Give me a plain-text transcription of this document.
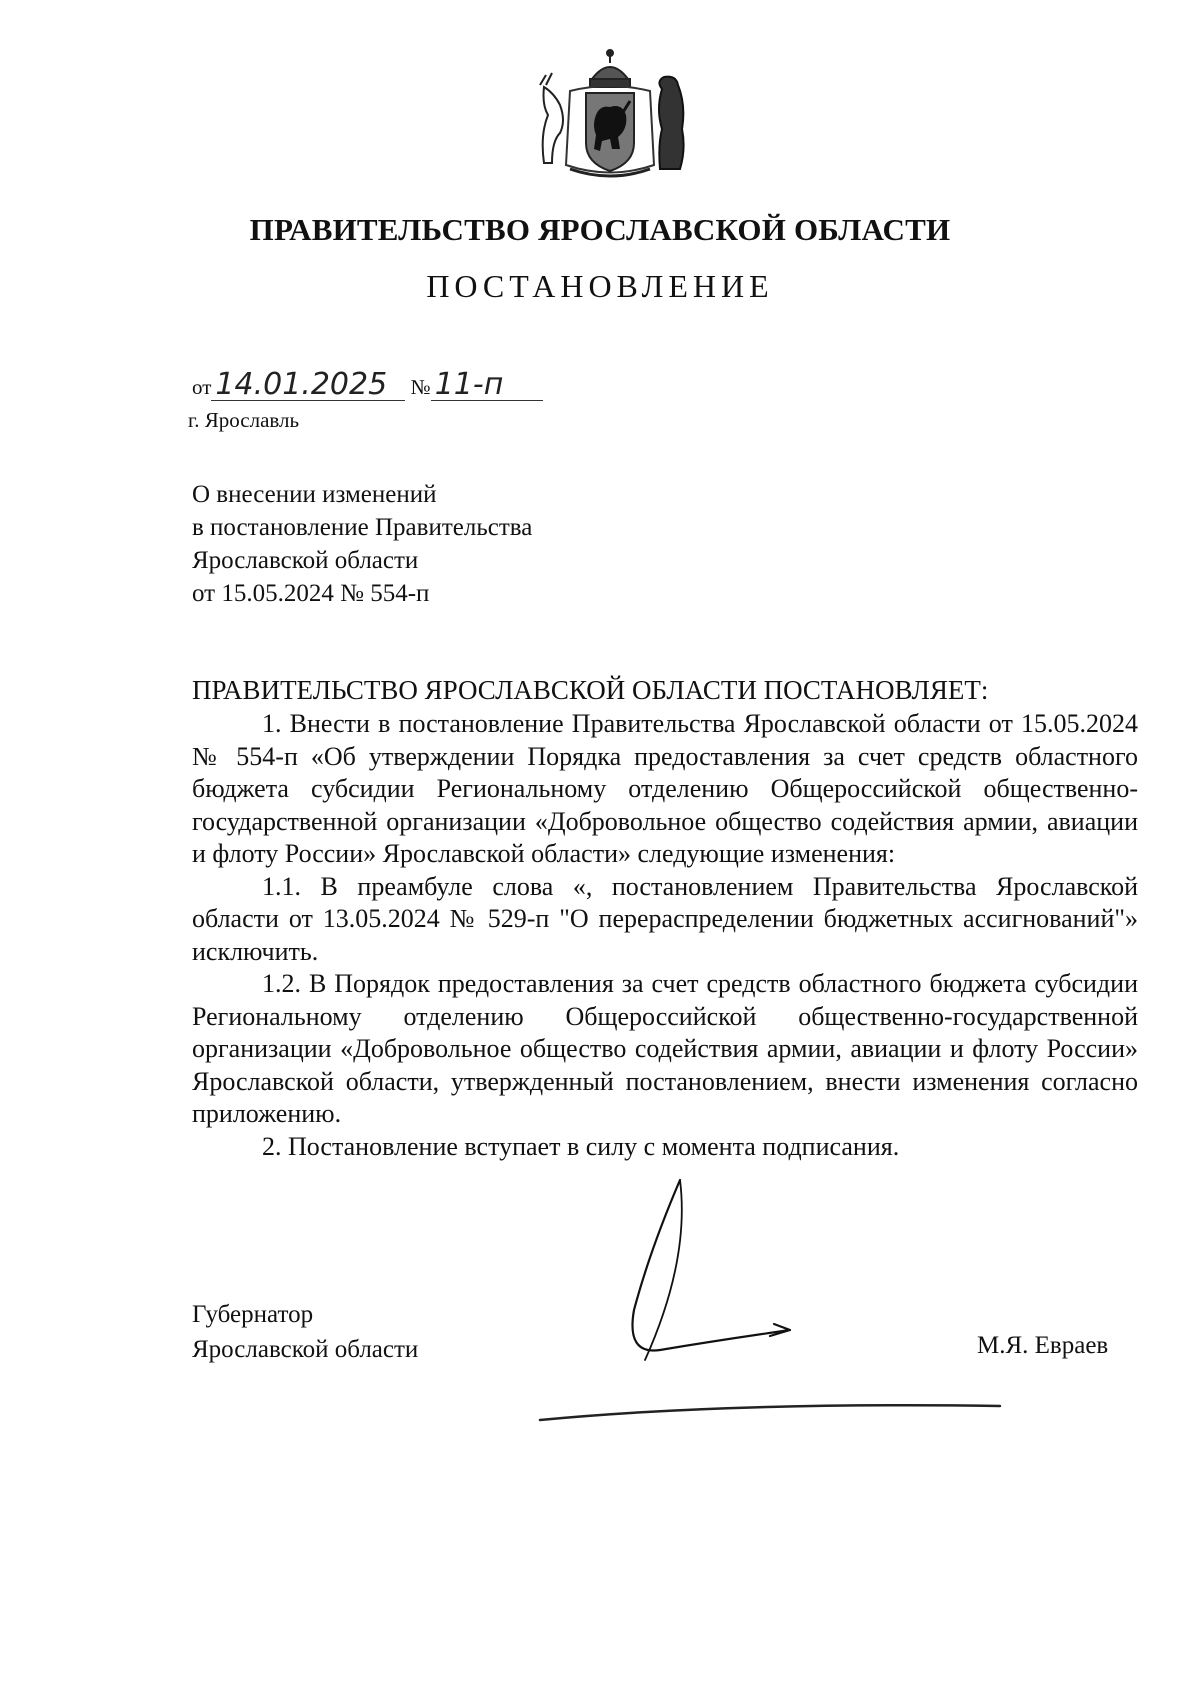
ПРАВИТЕЛЬСТВО ЯРОСЛАВСКОЙ ОБЛАСТИ
ПОСТАНОВЛЕНИЕ
от 14.01.2025 № 11-п
г. Ярославль
О внесении изменений
в постановление Правительства
Ярославской области
от 15.05.2024 № 554-п
ПРАВИТЕЛЬСТВО ЯРОСЛАВСКОЙ ОБЛАСТИ ПОСТАНОВЛЯЕТ:

1. Внести в постановление Правительства Ярославской области от 15.05.2024 № 554-п «Об утверждении Порядка предоставления за счет средств областного бюджета субсидии Региональному отделению Общероссийской общественно-государственной организации «Добровольное общество содействия армии, авиации и флоту России» Ярославской области» следующие изменения:

1.1. В преамбуле слова «, постановлением Правительства Ярославской области от 13.05.2024 № 529-п "О перераспределении бюджетных ассигнований"» исключить.

1.2. В Порядок предоставления за счет средств областного бюджета субсидии Региональному отделению Общероссийской общественно-государственной организации «Добровольное общество содействия армии, авиации и флоту России» Ярославской области, утвержденный постановлением, внести изменения согласно приложению.

2. Постановление вступает в силу с момента подписания.

Губернатор
Ярославской области	М.Я. Евраев
